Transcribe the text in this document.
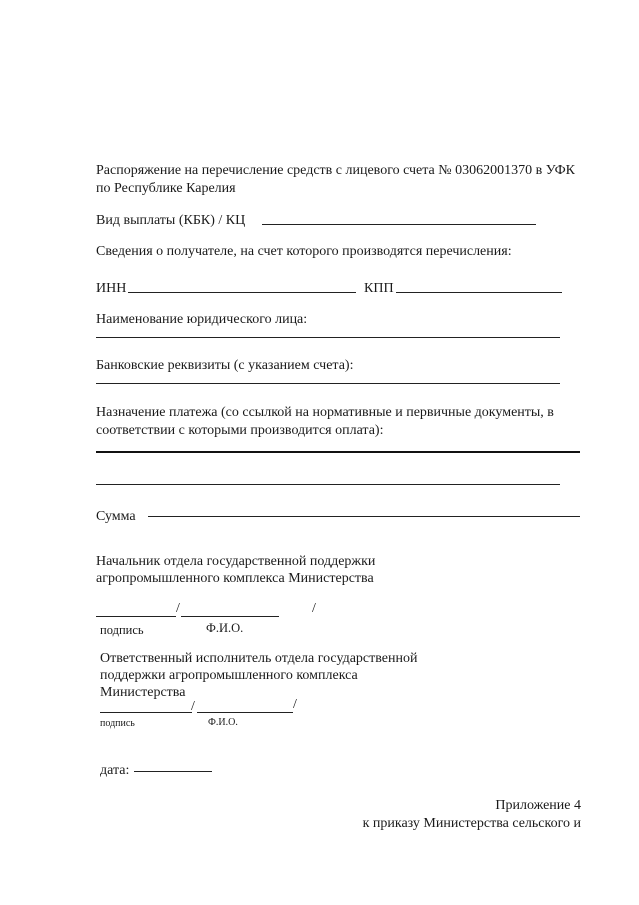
Распоряжение на перечисление средств с лицевого счета № 03062001370 в УФК
по Республике Карелия
Вид выплаты (КБК) / КЦ
Сведения о получателе, на счет которого производятся перечисления:
ИНН	КПП
Наименование юридического лица:
Банковские реквизиты (с указанием счета):
Назначение платежа (со ссылкой на нормативные и первичные документы, в
соответствии с которыми производится оплата):
Сумма
Начальник отдела государственной поддержки
агропромышленного комплекса Министерства
/	/
подпись	Ф.И.О.
Ответственный исполнитель отдела государственной
поддержки агропромышленного комплекса
Министерства
/	/
подпись	Ф.И.О.
дата:
Приложение 4
к приказу Министерства сельского и
